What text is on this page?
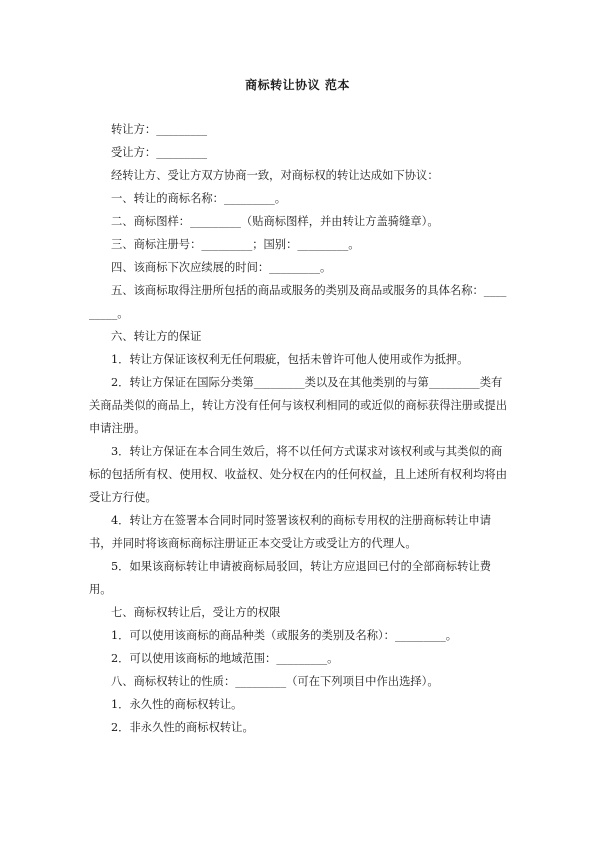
商标转让协议 范本

转让方：_________

受让方：_________

经转让方、受让方双方协商一致，对商标权的转让达成如下协议：

一、转让的商标名称：_________。

二、商标图样：_________（贴商标图样，并由转让方盖骑缝章）。

三、商标注册号：_________；国别：_________。

四、该商标下次应续展的时间：_________。

五、该商标取得注册所包括的商品或服务的类别及商品或服务的具体名称：_________。

六、转让方的保证

1．转让方保证该权利无任何瑕疵，包括未曾许可他人使用或作为抵押。

2．转让方保证在国际分类第_________类以及在其他类别的与第_________类有关商品类似的商品上，转让方没有任何与该权利相同的或近似的商标获得注册或提出申请注册。

3．转让方保证在本合同生效后，将不以任何方式谋求对该权利或与其类似的商标的包括所有权、使用权、收益权、处分权在内的任何权益，且上述所有权利均将由受让方行使。

4．转让方在签署本合同时同时签署该权利的商标专用权的注册商标转让申请书，并同时将该商标商标注册证正本交受让方或受让方的代理人。

5．如果该商标转让申请被商标局驳回，转让方应退回已付的全部商标转让费用。

七、商标权转让后，受让方的权限

1．可以使用该商标的商品种类（或服务的类别及名称）：_________。

2．可以使用该商标的地域范围：_________。

八、商标权转让的性质：_________（可在下列项目中作出选择）。

1．永久性的商标权转让。

2．非永久性的商标权转让。
